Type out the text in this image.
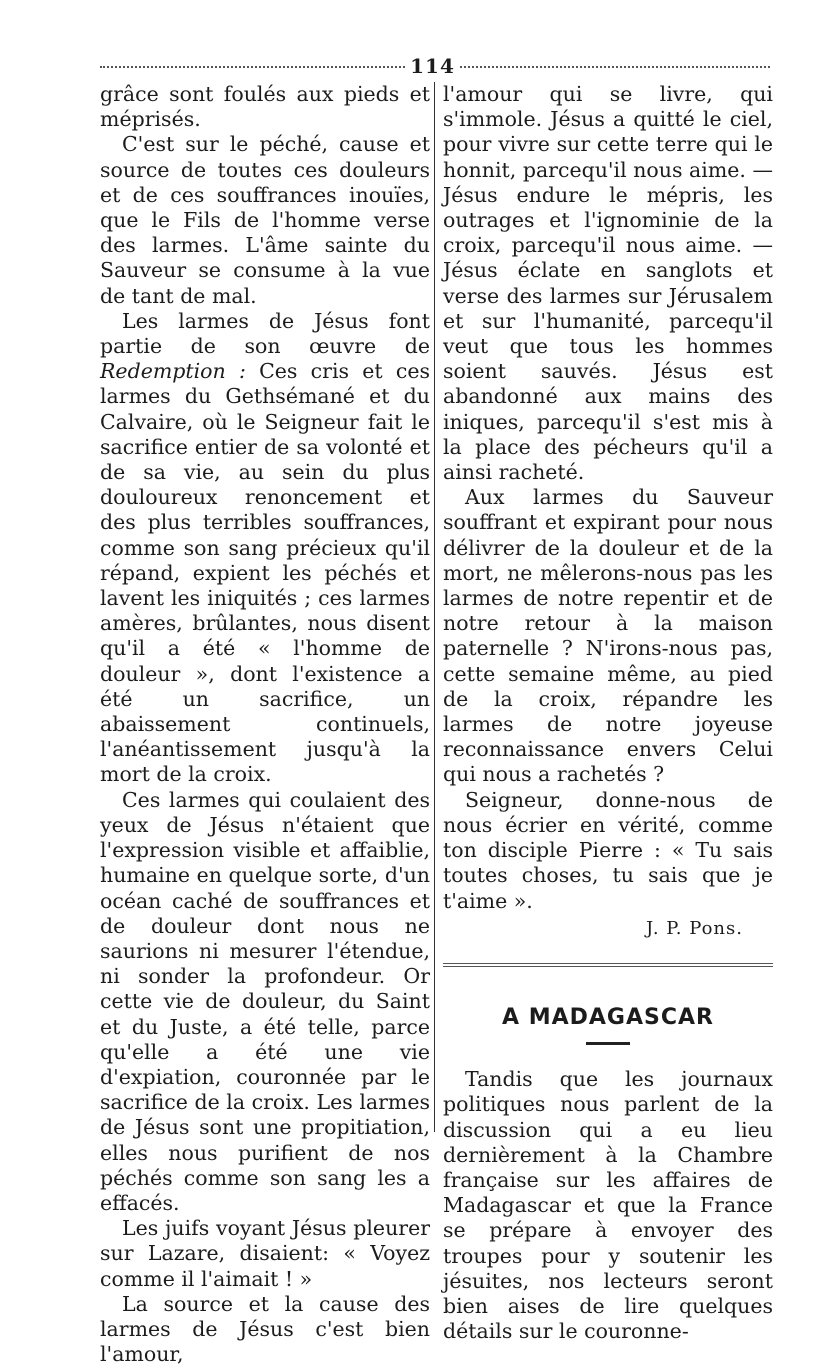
114

grâce sont foulés aux pieds et méprisés.

C'est sur le péché, cause et source de toutes ces douleurs et de ces souffrances inouïes, que le Fils de l'homme verse des larmes. L'âme sainte du Sauveur se consume à la vue de tant de mal.

Les larmes de Jésus font partie de son œuvre de Redemption : Ces cris et ces larmes du Gethsémané et du Calvaire, où le Seigneur fait le sacrifice entier de sa volonté et de sa vie, au sein du plus douloureux renoncement et des plus terribles souffrances, comme son sang précieux qu'il répand, expient les péchés et lavent les iniquités ; ces larmes amères, brûlantes, nous disent qu'il a été « l'homme de douleur », dont l'existence a été un sacrifice, un abaissement continuels, l'anéantissement jusqu'à la mort de la croix.

Ces larmes qui coulaient des yeux de Jésus n'étaient que l'expression visible et affaiblie, humaine en quelque sorte, d'un océan caché de souffrances et de douleur dont nous ne saurions ni mesurer l'étendue, ni sonder la profondeur. Or cette vie de douleur, du Saint et du Juste, a été telle, parce qu'elle a été une vie d'expiation, couronnée par le sacrifice de la croix. Les larmes de Jésus sont une propitiation, elles nous purifient de nos péchés comme son sang les a effacés.

Les juifs voyant Jésus pleurer sur Lazare, disaient: « Voyez comme il l'aimait ! »

La source et la cause des larmes de Jésus c'est bien l'amour,

l'amour qui se livre, qui s'immole. Jésus a quitté le ciel, pour vivre sur cette terre qui le honnit, parcequ'il nous aime. — Jésus endure le mépris, les outrages et l'ignominie de la croix, parcequ'il nous aime. — Jésus éclate en sanglots et verse des larmes sur Jérusalem et sur l'humanité, parcequ'il veut que tous les hommes soient sauvés. Jésus est abandonné aux mains des iniques, parcequ'il s'est mis à la place des pécheurs qu'il a ainsi racheté.

Aux larmes du Sauveur souffrant et expirant pour nous délivrer de la douleur et de la mort, ne mêlerons-nous pas les larmes de notre repentir et de notre retour à la maison paternelle ? N'irons-nous pas, cette semaine même, au pied de la croix, répandre les larmes de notre joyeuse reconnaissance envers Celui qui nous a rachetés ?

Seigneur, donne-nous de nous écrier en vérité, comme ton disciple Pierre : « Tu sais toutes choses, tu sais que je t'aime ».

J. P. Pons.

A MADAGASCAR

Tandis que les journaux politiques nous parlent de la discussion qui a eu lieu dernièrement à la Chambre française sur les affaires de Madagascar et que la France se prépare à envoyer des troupes pour y soutenir les jésuites, nos lecteurs seront bien aises de lire quelques détails sur le couronne-
